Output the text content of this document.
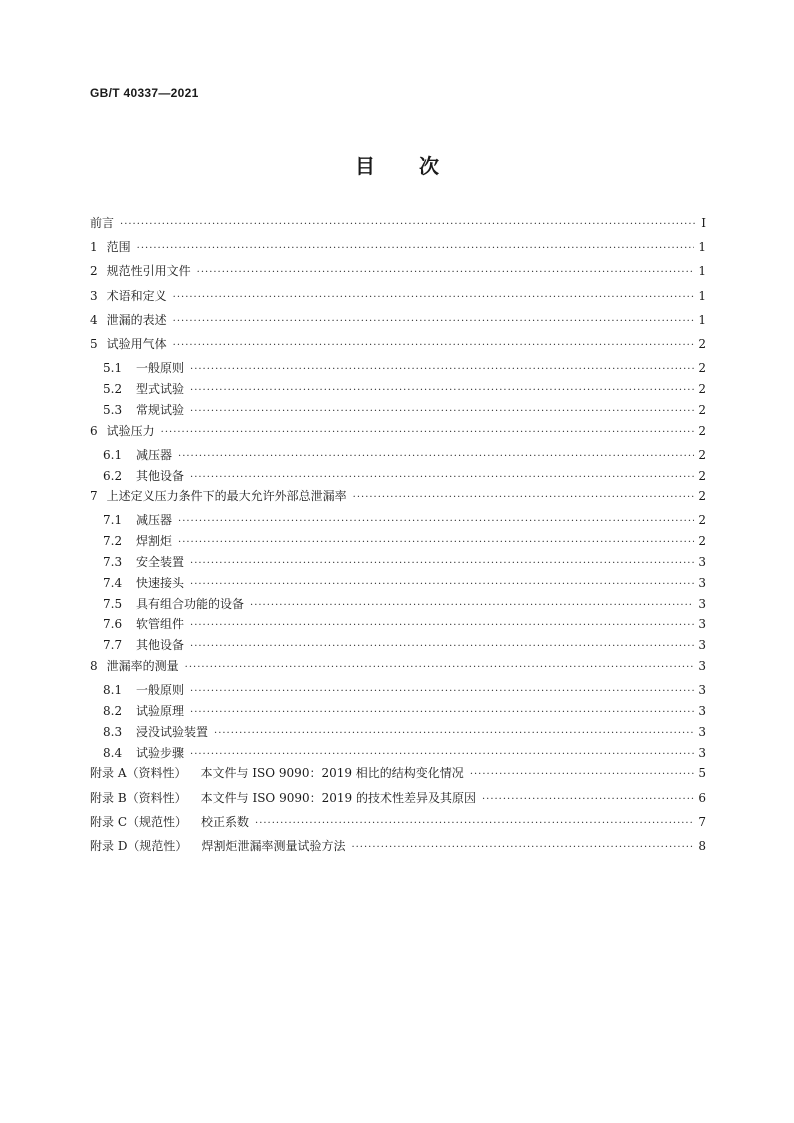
GB/T 40337—2021
目 次
前言 ·····	Ⅰ
1 范围 ·····	1
2 规范性引用文件 ·····	1
3 术语和定义 ·····	1
4 泄漏的表述 ·····	1
5 试验用气体 ·····	2
5.1	一般原则 ·····	2
5.2	型式试验 ·····	2
5.3	常规试验 ·····	2
6 试验压力 ·····	2
6.1	减压器 ·····	2
6.2	其他设备 ·····	2
7 上述定义压力条件下的最大允许外部总泄漏率 ·····	2
7.1	减压器 ·····	2
7.2	焊割炬 ·····	2
7.3	安全装置 ·····	3
7.4	快速接头 ·····	3
7.5	具有组合功能的设备 ·····	3
7.6	软管组件 ·····	3
7.7	其他设备 ·····	3
8 泄漏率的测量 ·····	3
8.1	一般原则 ·····	3
8.2	试验原理 ·····	3
8.3	浸没试验装置 ·····	3
8.4	试验步骤 ·····	3
附录 A（资料性） 本文件与 ISO 9090：2019 相比的结构变化情况 ·····	5
附录 B（资料性） 本文件与 ISO 9090：2019 的技术性差异及其原因 ·····	6
附录 C（规范性） 校正系数 ·····	7
附录 D（规范性） 焊割炬泄漏率测量试验方法 ·····	8
